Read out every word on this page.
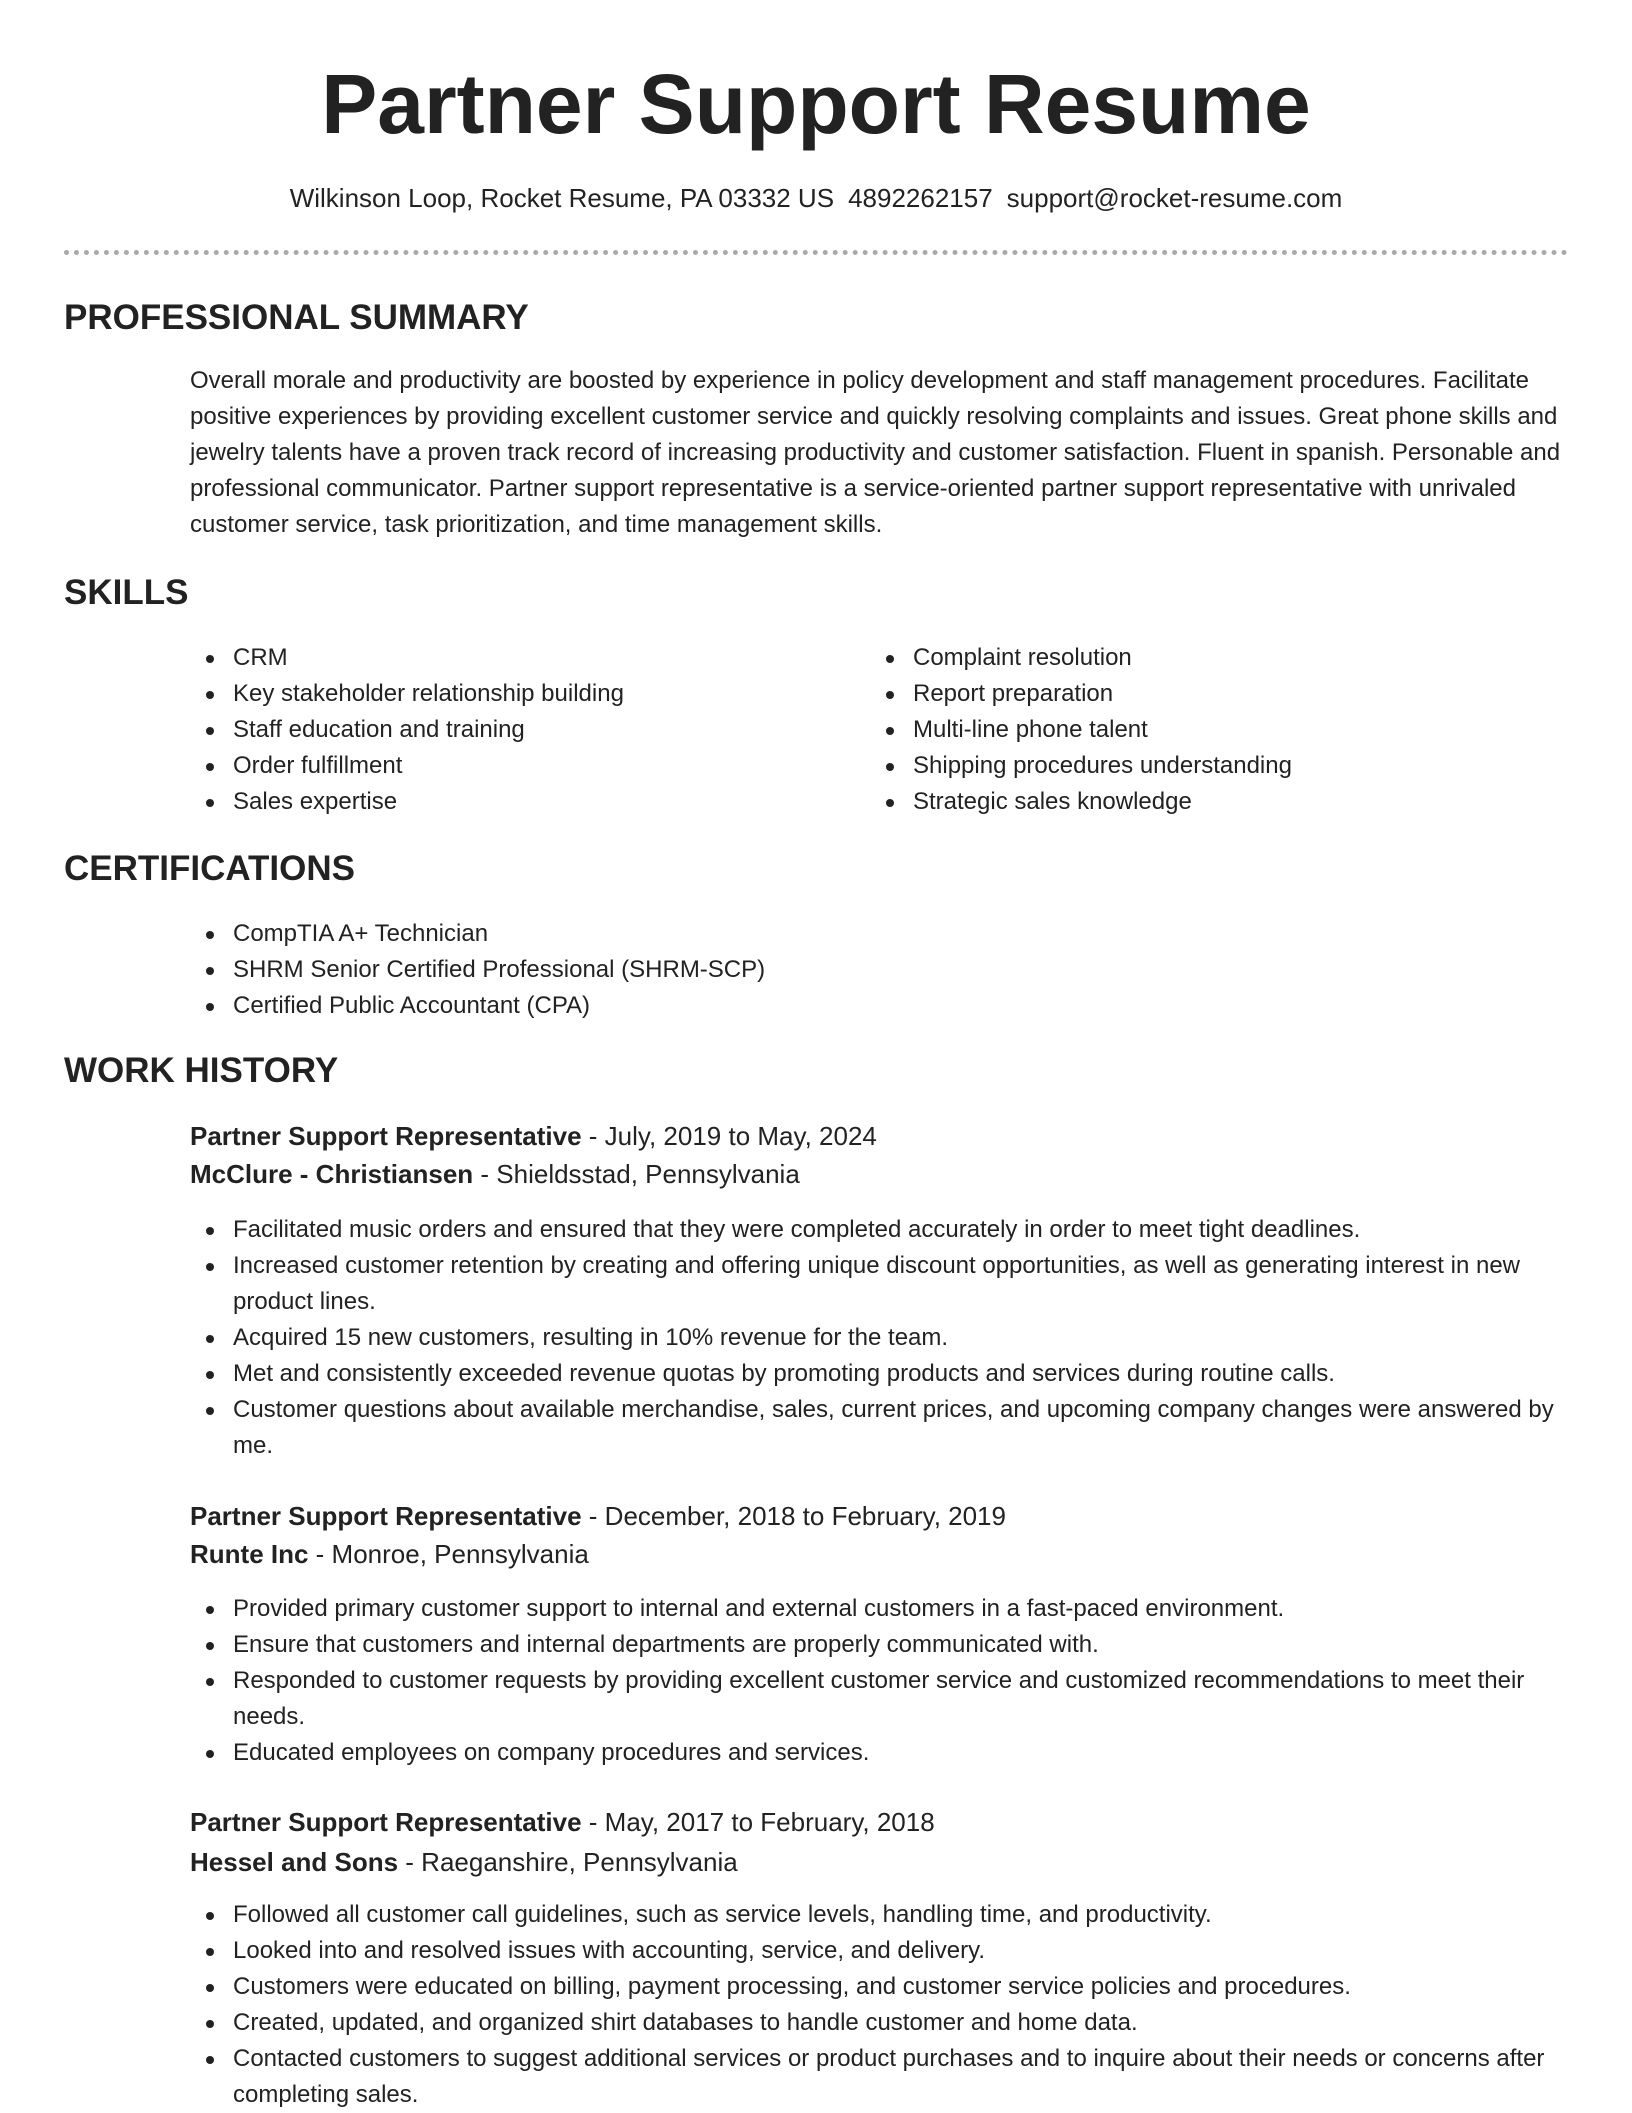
Partner Support Resume
Wilkinson Loop, Rocket Resume, PA 03332 US 4892262157 support@rocket-resume.com
PROFESSIONAL SUMMARY

Overall morale and productivity are boosted by experience in policy development and staff management procedures. Facilitate positive experiences by providing excellent customer service and quickly resolving complaints and issues. Great phone skills and jewelry talents have a proven track record of increasing productivity and customer satisfaction. Fluent in spanish. Personable and professional communicator. Partner support representative is a service-oriented partner support representative with unrivaled customer service, task prioritization, and time management skills.

SKILLS
CRM
Key stakeholder relationship building
Staff education and training
Order fulfillment
Sales expertise
Complaint resolution
Report preparation
Multi-line phone talent
Shipping procedures understanding
Strategic sales knowledge
CERTIFICATIONS
CompTIA A+ Technician
SHRM Senior Certified Professional (SHRM-SCP)
Certified Public Accountant (CPA)
WORK HISTORY
Partner Support Representative - July, 2019 to May, 2024
McClure - Christiansen - Shieldsstad, Pennsylvania
Facilitated music orders and ensured that they were completed accurately in order to meet tight deadlines.
Increased customer retention by creating and offering unique discount opportunities, as well as generating interest in new product lines.
Acquired 15 new customers, resulting in 10% revenue for the team.
Met and consistently exceeded revenue quotas by promoting products and services during routine calls.
Customer questions about available merchandise, sales, current prices, and upcoming company changes were answered by me.
Partner Support Representative - December, 2018 to February, 2019
Runte Inc - Monroe, Pennsylvania
Provided primary customer support to internal and external customers in a fast-paced environment.
Ensure that customers and internal departments are properly communicated with.
Responded to customer requests by providing excellent customer service and customized recommendations to meet their needs.
Educated employees on company procedures and services.
Partner Support Representative - May, 2017 to February, 2018
Hessel and Sons - Raeganshire, Pennsylvania
Followed all customer call guidelines, such as service levels, handling time, and productivity.
Looked into and resolved issues with accounting, service, and delivery.
Customers were educated on billing, payment processing, and customer service policies and procedures.
Created, updated, and organized shirt databases to handle customer and home data.
Contacted customers to suggest additional services or product purchases and to inquire about their needs or concerns after completing sales.
